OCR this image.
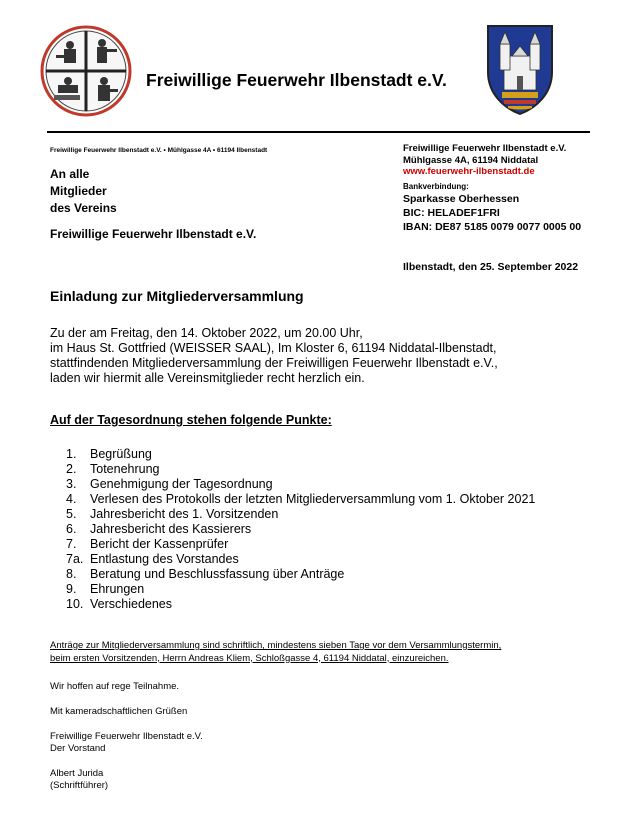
Freiwillige Feuerwehr Ilbenstadt e.V.
Freiwillige Feuerwehr Ilbenstadt e.V. • Mühlgasse 4A • 61194 Ilbenstadt
An alle
Mitglieder
des Vereins
Freiwillige Feuerwehr Ilbenstadt e.V.
Freiwillige Feuerwehr Ilbenstadt e.V.
Mühlgasse 4A, 61194 Niddatal
www.feuerwehr-ilbenstadt.de
Bankverbindung:
Sparkasse Oberhessen
BIC: HELADEF1FRI
IBAN: DE87 5185 0079 0077 0005 00
Ilbenstadt, den 25. September 2022
Einladung zur Mitgliederversammlung
Zu der am Freitag, den 14. Oktober 2022, um 20.00 Uhr,
im Haus St. Gottfried (WEISSER SAAL), Im Kloster 6, 61194 Niddatal-Ilbenstadt,
stattfindenden Mitgliederversammlung der Freiwilligen Feuerwehr Ilbenstadt e.V.,
laden wir hiermit alle Vereinsmitglieder recht herzlich ein.
Auf der Tagesordnung stehen folgende Punkte:
1. Begrüßung
2. Totenehrung
3. Genehmigung der Tagesordnung
4. Verlesen des Protokolls der letzten Mitgliederversammlung vom 1. Oktober 2021
5. Jahresbericht des 1. Vorsitzenden
6. Jahresbericht des Kassierers
7. Bericht der Kassenprüfer
7a. Entlastung des Vorstandes
8. Beratung und Beschlussfassung über Anträge
9. Ehrungen
10. Verschiedenes
Anträge zur Mitgliederversammlung sind schriftlich, mindestens sieben Tage vor dem Versammlungstermin,
beim ersten Vorsitzenden, Herrn Andreas Kliem, Schloßgasse 4, 61194 Niddatal, einzureichen.
Wir hoffen auf rege Teilnahme.
Mit kameradschaftlichen Grüßen
Freiwillige Feuerwehr Ilbenstadt e.V.
Der Vorstand
Albert Jurida
(Schriftführer)
